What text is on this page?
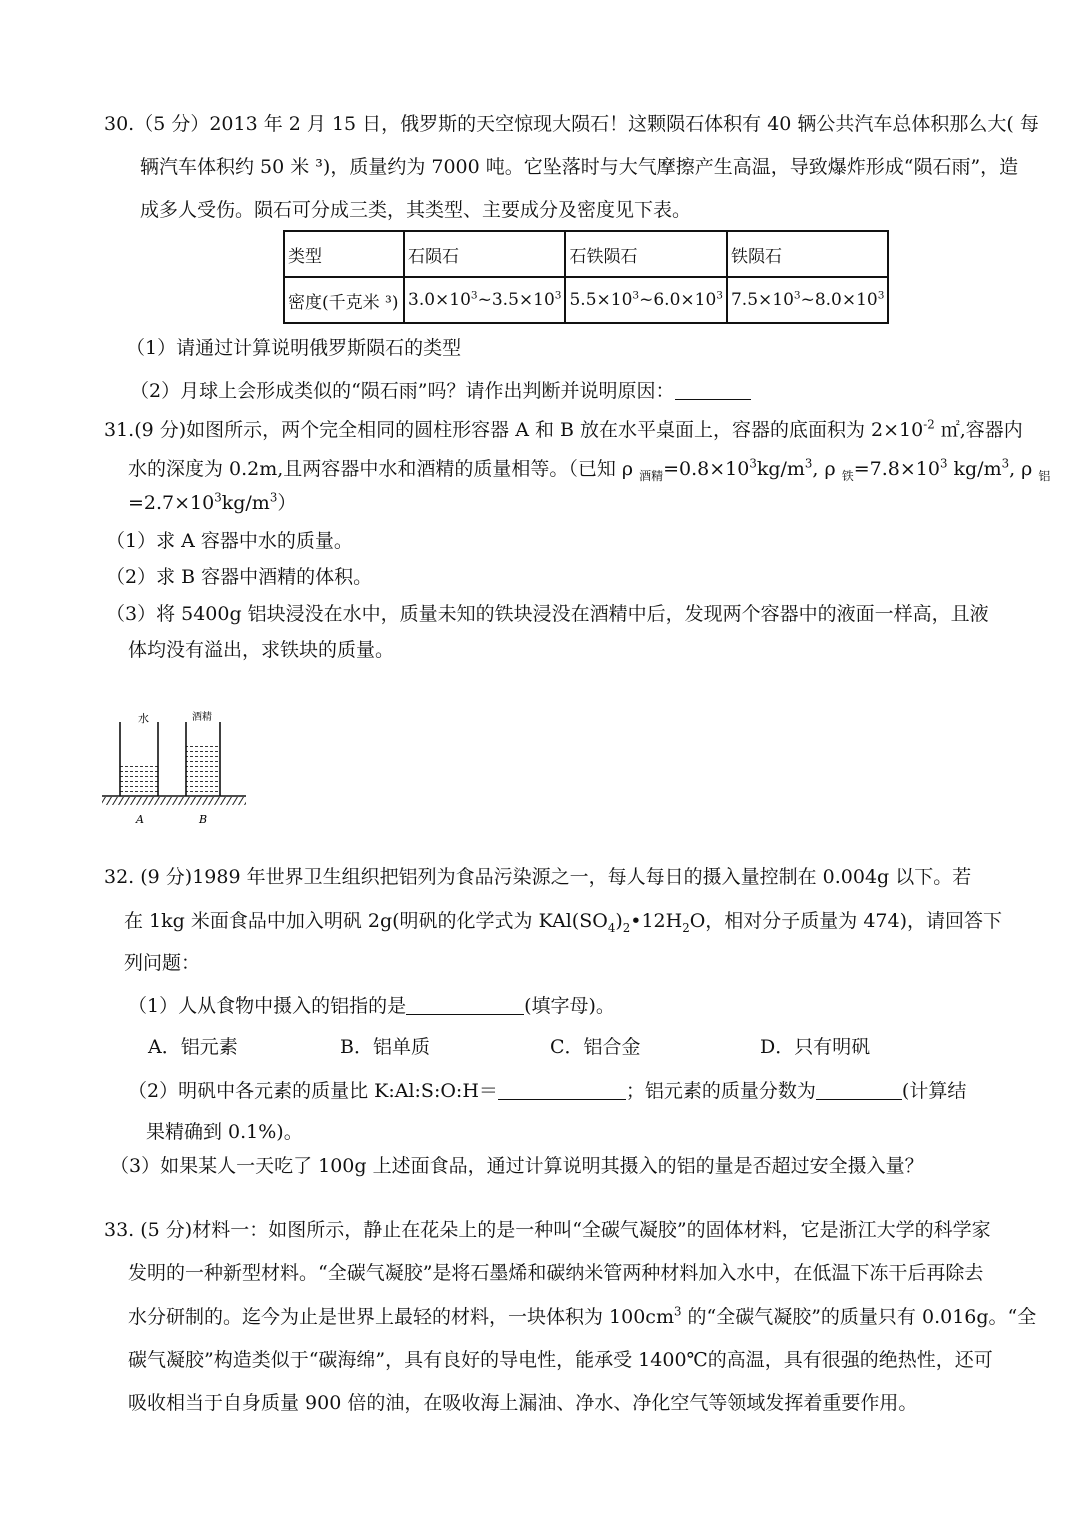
30.（5 分）2013 年 2 月 15 日，俄罗斯的天空惊现大陨石！这颗陨石体积有 40 辆公共汽车总体积那么大( 每
辆汽车体积约 50 米 ³)，质量约为 7000 吨。它坠落时与大气摩擦产生高温，导致爆炸形成“陨石雨”，造
成多人受伤。陨石可分成三类，其类型、主要成分及密度见下表。
类型	石陨石	石铁陨石	铁陨石
密度(千克米 ³)	$3.0\times 10^3\sim 3.5\times 10^3$	$5.5\times 10^3\sim 6.0\times 10^3$	$7.5\times 10^3\sim 8.0\times 10^3$
（1）请通过计算说明俄罗斯陨石的类型
（2）月球上会形成类似的“陨石雨”吗？请作出判断并说明原因：
31.(9 分)如图所示，两个完全相同的圆柱形容器 A 和 B 放在水平桌面上，容器的底面积为 $2\times 10^{-2}$ ㎡,容器内
水的深度为 0.2m,且两容器中水和酒精的质量相等。（已知 ρ $_{酒精}=0.8\times 10^3kg/m^3$, ρ $_铁=7.8\times 10^3$ $kg/m^3$, ρ $_铝$
$=2.7\times 10^3kg/m^3$）
（1）求 A 容器中水的质量。
（2）求 B 容器中酒精的体积。
（3）将 5400g 铝块浸没在水中，质量未知的铁块浸没在酒精中后，发现两个容器中的液面一样高，且液
体均没有溢出，求铁块的质量。
水	酒精
A	B
32. (9 分)1989 年世界卫生组织把铝列为食品污染源之一，每人每日的摄入量控制在 0.004g 以下。若
在 1kg 米面食品中加入明矾 2g(明矾的化学式为 $KAl(SO_4)_2•12H_2O$，相对分子质量为 474)，请回答下
列问题：
（1）人从食物中摄入的铝指的是	(填字母)。
A．铝元素	B．铝单质	C．铝合金	D．只有明矾
（2）明矾中各元素的质量比 K:Al:S:O:H＝	；铝元素的质量分数为	(计算结
果精确到 0.1%)。
（3）如果某人一天吃了 100g 上述面食品，通过计算说明其摄入的铝的量是否超过安全摄入量？
33. (5 分)材料一：如图所示，静止在花朵上的是一种叫“全碳气凝胶”的固体材料，它是浙江大学的科学家
发明的一种新型材料。“全碳气凝胶”是将石墨烯和碳纳米管两种材料加入水中，在低温下冻干后再除去
水分研制的。迄今为止是世界上最轻的材料，一块体积为 $100cm^3$ 的“全碳气凝胶”的质量只有 0.016g。“全
碳气凝胶”构造类似于“碳海绵”，具有良好的导电性，能承受 1400℃的高温，具有很强的绝热性，还可
吸收相当于自身质量 900 倍的油，在吸收海上漏油、净水、净化空气等领域发挥着重要作用。
